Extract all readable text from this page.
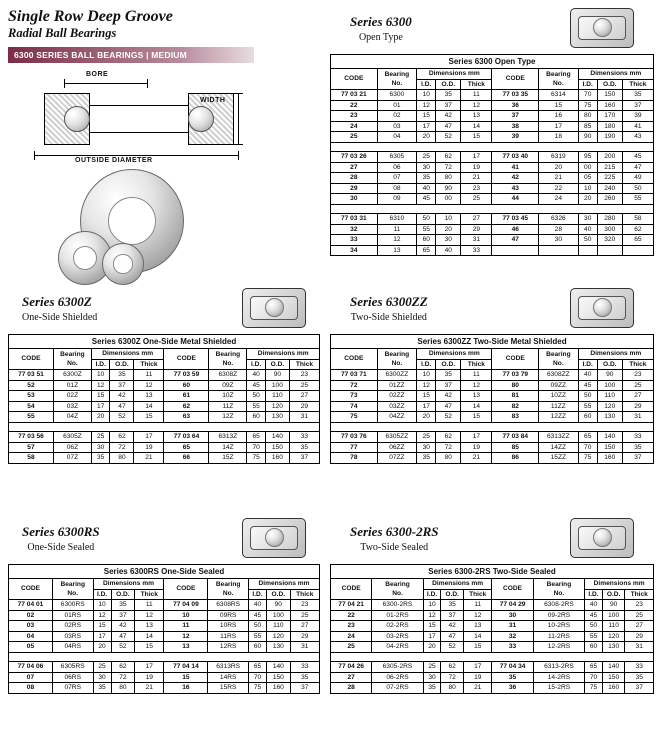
Single Row Deep Groove
Radial Ball Bearings
6300 SERIES BALL BEARINGS | MEDIUM
BORE
WIDTH
OUTSIDE DIAMETER
Series 6300
Open Type
Series 6300 Open Type
CODE	Bearing
No.	Dimensions mm			CODE	Bearing
No.	Dimensions mm		
		I.D.	O.D.	Thick			I.D.	O.D.	Thick
77 03 21	6300	10	35	11	77 03 35	6314	70	150	35
22	01	12	37	12	36	15	75	160	37
23	02	15	42	13	37	16	80	170	39
24	03	17	47	14	38	17	85	180	41
25	04	20	52	15	39	18	90	190	43

77 03 26	6305	25	62	17	77 03 40	6319	95	200	45
27	06	30	72	19	41	20	00	215	47
28	07	35	80	21	42	21	05	225	49
29	08	40	90	23	43	22	10	240	50
30	09	45	00	25	44	24	20	260	55

77 03 31	6310	50	10	27	77 03 45	6326	30	280	58
32	11	55	20	29	46	28	40	300	62
33	12	60	30	31	47	30	50	320	65
34	13	65	40	33					
Series 6300Z
One-Side Shielded
Series 6300Z One-Side Metal Shielded
CODE	Bearing
No.	Dimensions mm			CODE	Bearing
No.	Dimensions mm		
		I.D.	O.D.	Thick			I.D.	O.D.	Thick
77 03 51	6300Z	10	35	11	77 03 59	6308Z	40	90	23
52	01Z	12	37	12	60	09Z	45	100	25
53	02Z	15	42	13	61	10Z	50	110	27
54	03Z	17	47	14	62	11Z	55	120	29
55	04Z	20	52	15	63	12Z	60	130	31

77 03 56	6305Z	25	62	17	77 03 64	6313Z	65	140	33
57	06Z	30	72	19	65	14Z	70	150	35
58	07Z	35	80	21	66	15Z	75	160	37
Series 6300ZZ
Two-Side Shielded
Series 6300ZZ Two-Side Metal Shielded
CODE	Bearing
No.	Dimensions mm			CODE	Bearing
No.	Dimensions mm		
		I.D.	O.D.	Thick			I.D.	O.D.	Thick
77 03 71	6300ZZ	10	35	11	77 03 79	6308ZZ	40	90	23
72	01ZZ	12	37	12	80	09ZZ	45	100	25
73	02ZZ	15	42	13	81	10ZZ	50	110	27
74	03ZZ	17	47	14	82	11ZZ	55	120	29
75	04ZZ	20	52	15	83	12ZZ	60	130	31

77 03 76	6305ZZ	25	62	17	77 03 84	6313ZZ	65	140	33
77	06ZZ	30	72	19	85	14ZZ	70	150	35
78	07ZZ	35	80	21	86	15ZZ	75	160	37
Series 6300RS
One-Side Sealed
Series 6300RS One-Side Sealed
CODE	Bearing
No.	Dimensions mm			CODE	Bearing
No.	Dimensions mm		
		I.D.	O.D.	Thick			I.D.	O.D.	Thick
77 04 01	6300RS	10	35	11	77 04 09	6308RS	40	90	23
02	01RS	12	37	12	10	09RS	45	100	25
03	02RS	15	42	13	11	10RS	50	110	27
04	03RS	17	47	14	12	11RS	55	120	29
05	04RS	20	52	15	13	12RS	60	130	31

77 04 06	6305RS	25	62	17	77 04 14	6313RS	65	140	33
07	06RS	30	72	19	15	14RS	70	150	35
08	07RS	35	80	21	16	15RS	75	160	37
Series 6300-2RS
Two-Side Sealed
Series 6300-2RS Two-Side Sealed
CODE	Bearing
No.	Dimensions mm			CODE	Bearing
No.	Dimensions mm		
		I.D.	O.D.	Thick			I.D.	O.D.	Thick
77 04 21	6300-2RS	10	35	11	77 04 29	6308-2RS	40	90	23
22	01-2RS	12	37	12	30	09-2RS	45	100	25
23	02-2RS	15	42	13	31	10-2RS	50	110	27
24	03-2RS	17	47	14	32	11-2RS	55	120	29
25	04-2RS	20	52	15	33	12-2RS	60	130	31

77 04 26	6305-2RS	25	62	17	77 04 34	6313-2RS	65	140	33
27	06-2RS	30	72	19	35	14-2RS	70	150	35
28	07-2RS	35	80	21	36	15-2RS	75	160	37
